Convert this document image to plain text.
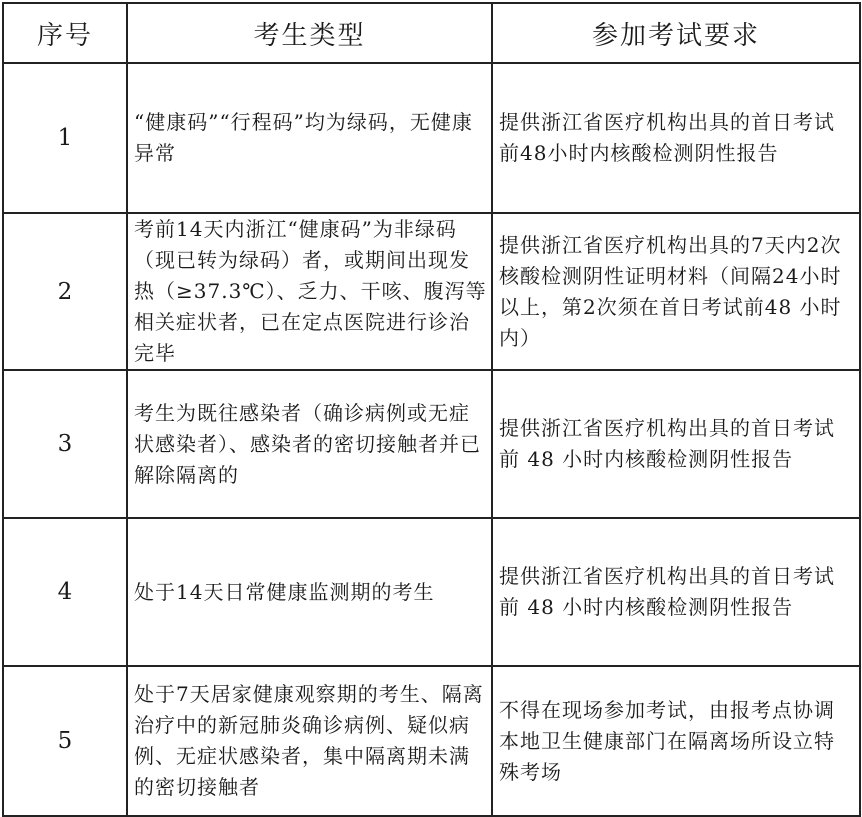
序号	考生类型	参加考试要求
1	“健康码”“行程码”均为绿码，无健康异常	提供浙江省医疗机构出具的首日考试前48小时内核酸检测阴性报告
2	考前14天内浙江“健康码”为非绿码（现已转为绿码）者，或期间出现发热（≥37.3℃）、乏力、干咳、腹泻等相关症状者，已在定点医院进行诊治完毕	提供浙江省医疗机构出具的7天内2次核酸检测阴性证明材料（间隔24小时以上，第2次须在首日考试前48 小时内）
3	考生为既往感染者（确诊病例或无症状感染者）、感染者的密切接触者并已解除隔离的	提供浙江省医疗机构出具的首日考试前 48 小时内核酸检测阴性报告
4	处于14天日常健康监测期的考生	提供浙江省医疗机构出具的首日考试前 48 小时内核酸检测阴性报告
5	处于7天居家健康观察期的考生、隔离治疗中的新冠肺炎确诊病例、疑似病例、无症状感染者，集中隔离期未满的密切接触者	不得在现场参加考试，由报考点协调本地卫生健康部门在隔离场所设立特殊考场
